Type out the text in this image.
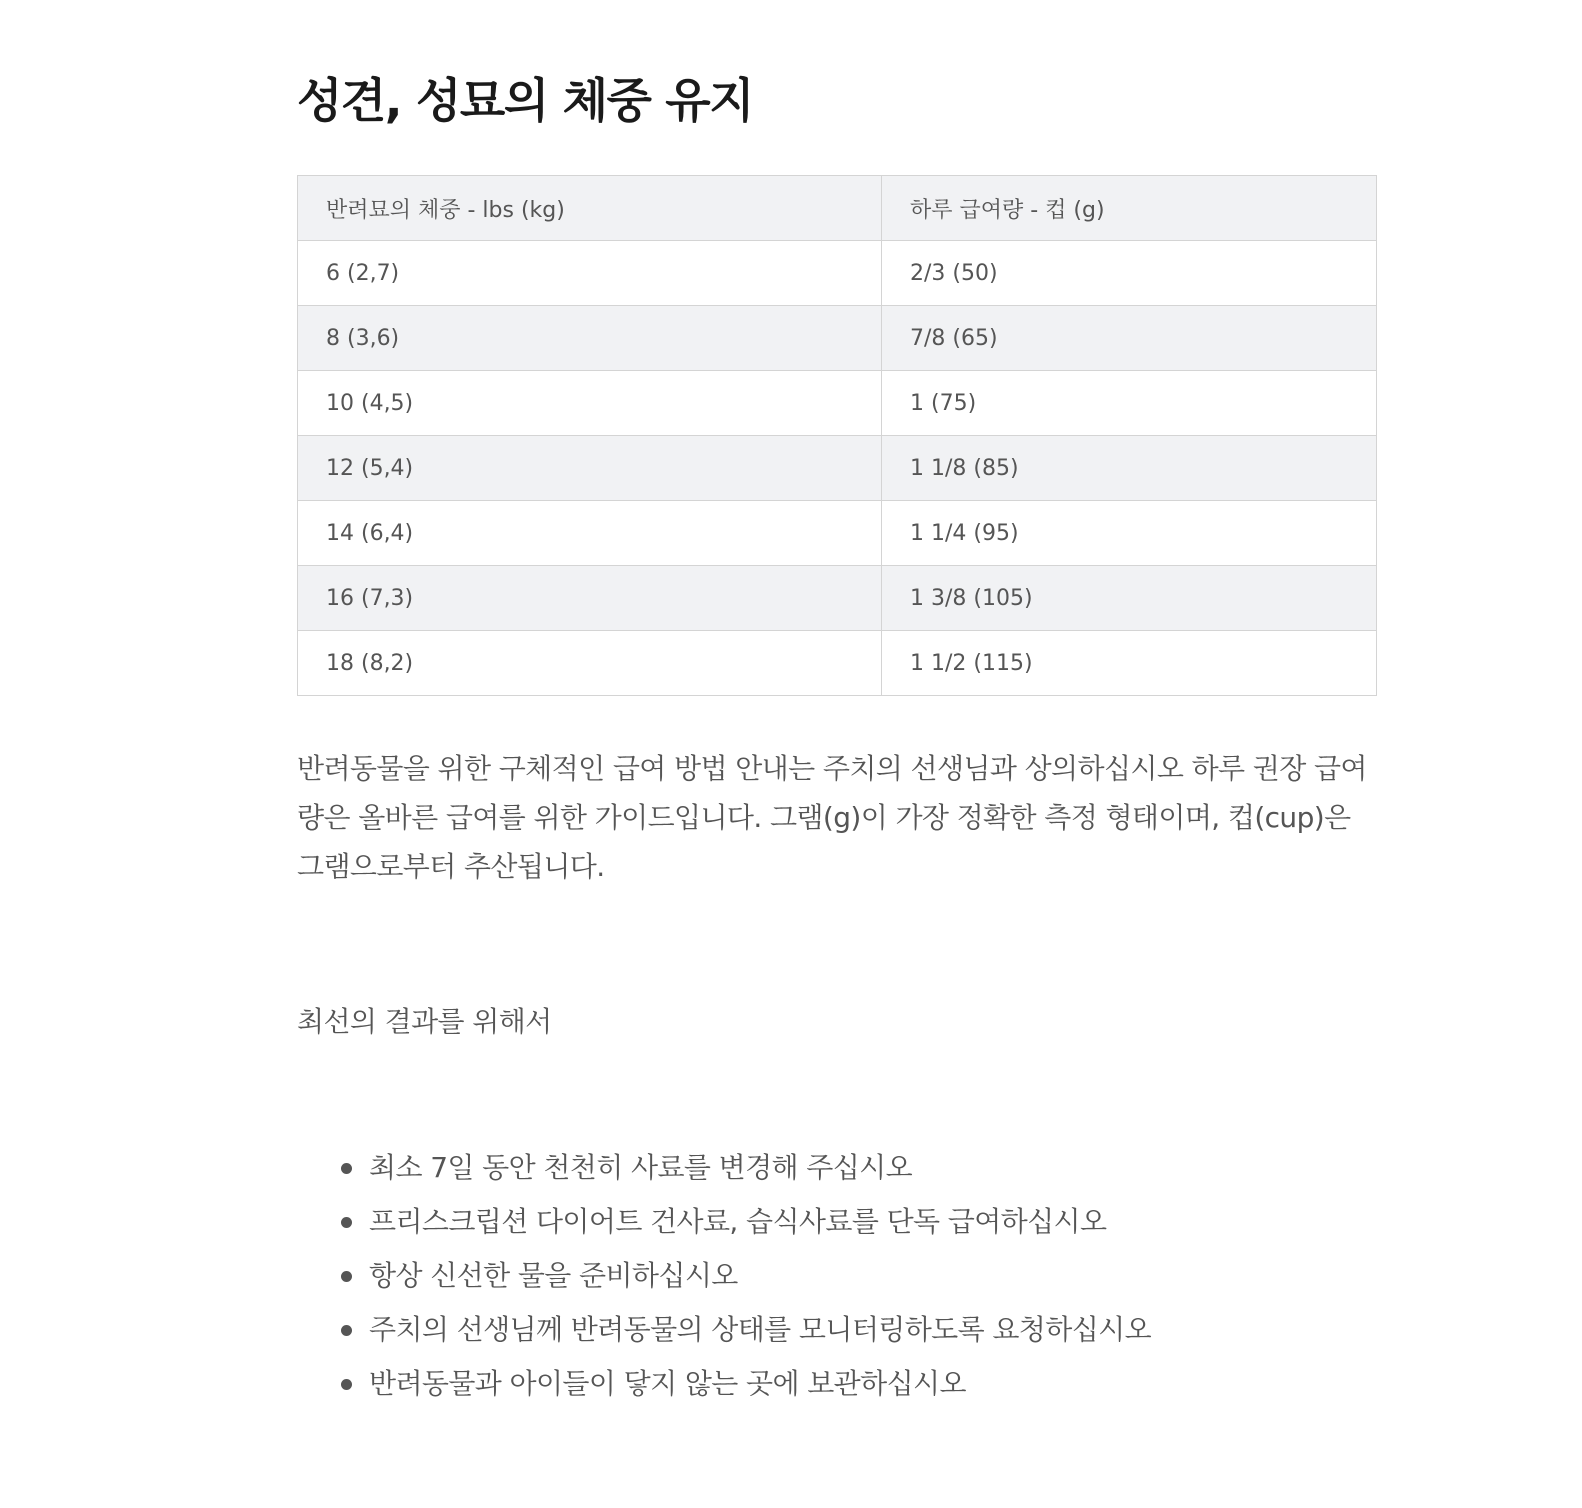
성견, 성묘의 체중 유지
반려묘의 체중 - lbs (kg)	하루 급여량 - 컵 (g)
6 (2,7)	2/3 (50)
8 (3,6)	7/8 (65)
10 (4,5)	1 (75)
12 (5,4)	1 1/8 (85)
14 (6,4)	1 1/4 (95)
16 (7,3)	1 3/8 (105)
18 (8,2)	1 1/2 (115)

반려동물을 위한 구체적인 급여 방법 안내는 주치의 선생님과 상의하십시오 하루 권장 급여량은 올바른 급여를 위한 가이드입니다. 그램(g)이 가장 정확한 측정 형태이며, 컵(cup)은 그램으로부터 추산됩니다.

최선의 결과를 위해서
최소 7일 동안 천천히 사료를 변경해 주십시오
프리스크립션 다이어트 건사료, 습식사료를 단독 급여하십시오
항상 신선한 물을 준비하십시오
주치의 선생님께 반려동물의 상태를 모니터링하도록 요청하십시오
반려동물과 아이들이 닿지 않는 곳에 보관하십시오
